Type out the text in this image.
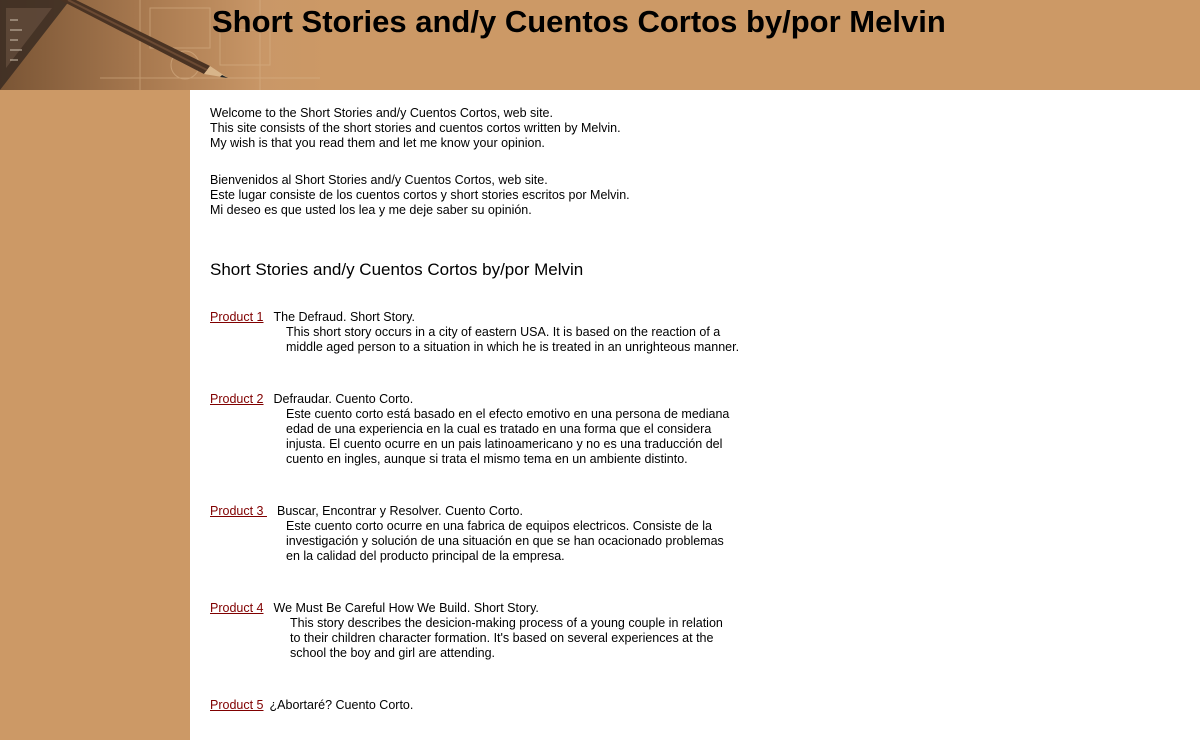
Short Stories and/y Cuentos Cortos by/por Melvin

Welcome to the Short Stories and/y Cuentos Cortos, web site.
This site consists of the short stories and cuentos cortos written by Melvin.
My wish is that you read them and let me know your opinion.

Bienvenidos al Short Stories and/y Cuentos Cortos, web site.
Este lugar consiste de los cuentos cortos y short stories escritos por Melvin.
Mi deseo es que usted los lea y me deje saber su opinión.

Short Stories and/y Cuentos Cortos by/por Melvin
Product 1 The Defraud. Short Story.

This short story occurs in a city of eastern USA. It is based on the reaction of a
middle aged person to a situation in which he is treated in an unrighteous manner.

Product 2 Defraudar. Cuento Corto.

Este cuento corto está basado en el efecto emotivo en una persona de mediana
edad de una experiencia en la cual es tratado en una forma que el considera
injusta. El cuento ocurre en un pais latinoamericano y no es una traducción del
cuento en ingles, aunque si trata el mismo tema en un ambiente distinto.

Product 3 Buscar, Encontrar y Resolver. Cuento Corto.

Este cuento corto ocurre en una fabrica de equipos electricos. Consiste de la
investigación y solución de una situación en que se han ocacionado problemas
en la calidad del producto principal de la empresa.

Product 4 We Must Be Careful How We Build. Short Story.

This story describes the desicion-making process of a young couple in relation
to their children character formation. It's based on several experiences at the
school the boy and girl are attending.

Product 5 ¿Abortaré? Cuento Corto.
